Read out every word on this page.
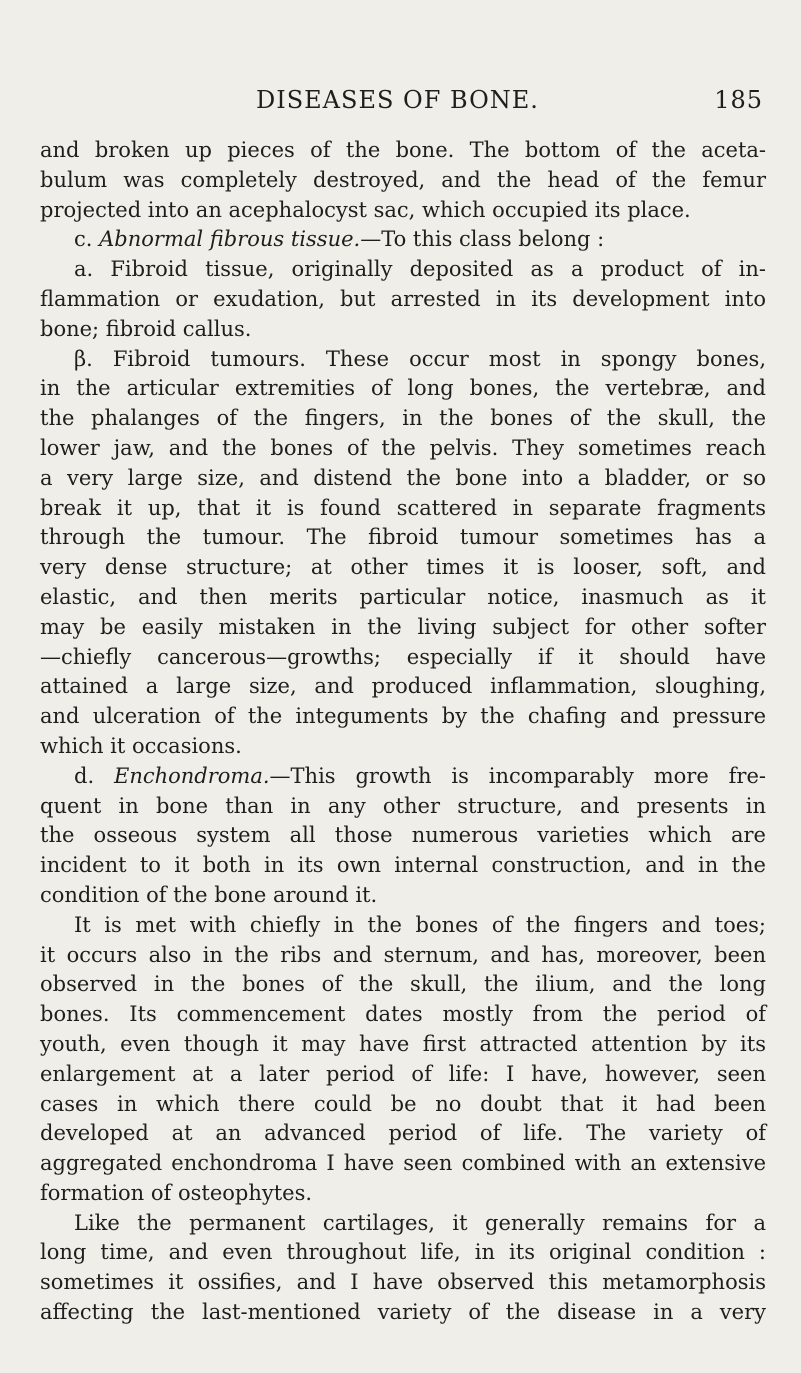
DISEASES OF BONE.	185
and broken up pieces of the bone. The bottom of the aceta-
bulum was completely destroyed, and the head of the femur
projected into an acephalocyst sac, which occupied its place.
c. Abnormal fibrous tissue.—To this class belong :
a. Fibroid tissue, originally deposited as a product of in-
flammation or exudation, but arrested in its development into
bone; fibroid callus.
β. Fibroid tumours. These occur most in spongy bones,
in the articular extremities of long bones, the vertebræ, and
the phalanges of the fingers, in the bones of the skull, the
lower jaw, and the bones of the pelvis. They sometimes reach
a very large size, and distend the bone into a bladder, or so
break it up, that it is found scattered in separate fragments
through the tumour. The fibroid tumour sometimes has a
very dense structure; at other times it is looser, soft, and
elastic, and then merits particular notice, inasmuch as it
may be easily mistaken in the living subject for other softer
—chiefly cancerous—growths; especially if it should have
attained a large size, and produced inflammation, sloughing,
and ulceration of the integuments by the chafing and pressure
which it occasions.
d. Enchondroma.—This growth is incomparably more fre-
quent in bone than in any other structure, and presents in
the osseous system all those numerous varieties which are
incident to it both in its own internal construction, and in the
condition of the bone around it.
It is met with chiefly in the bones of the fingers and toes;
it occurs also in the ribs and sternum, and has, moreover, been
observed in the bones of the skull, the ilium, and the long
bones. Its commencement dates mostly from the period of
youth, even though it may have first attracted attention by its
enlargement at a later period of life: I have, however, seen
cases in which there could be no doubt that it had been
developed at an advanced period of life. The variety of
aggregated enchondroma I have seen combined with an extensive
formation of osteophytes.
Like the permanent cartilages, it generally remains for a
long time, and even throughout life, in its original condition :
sometimes it ossifies, and I have observed this metamorphosis
affecting the last-mentioned variety of the disease in a very
